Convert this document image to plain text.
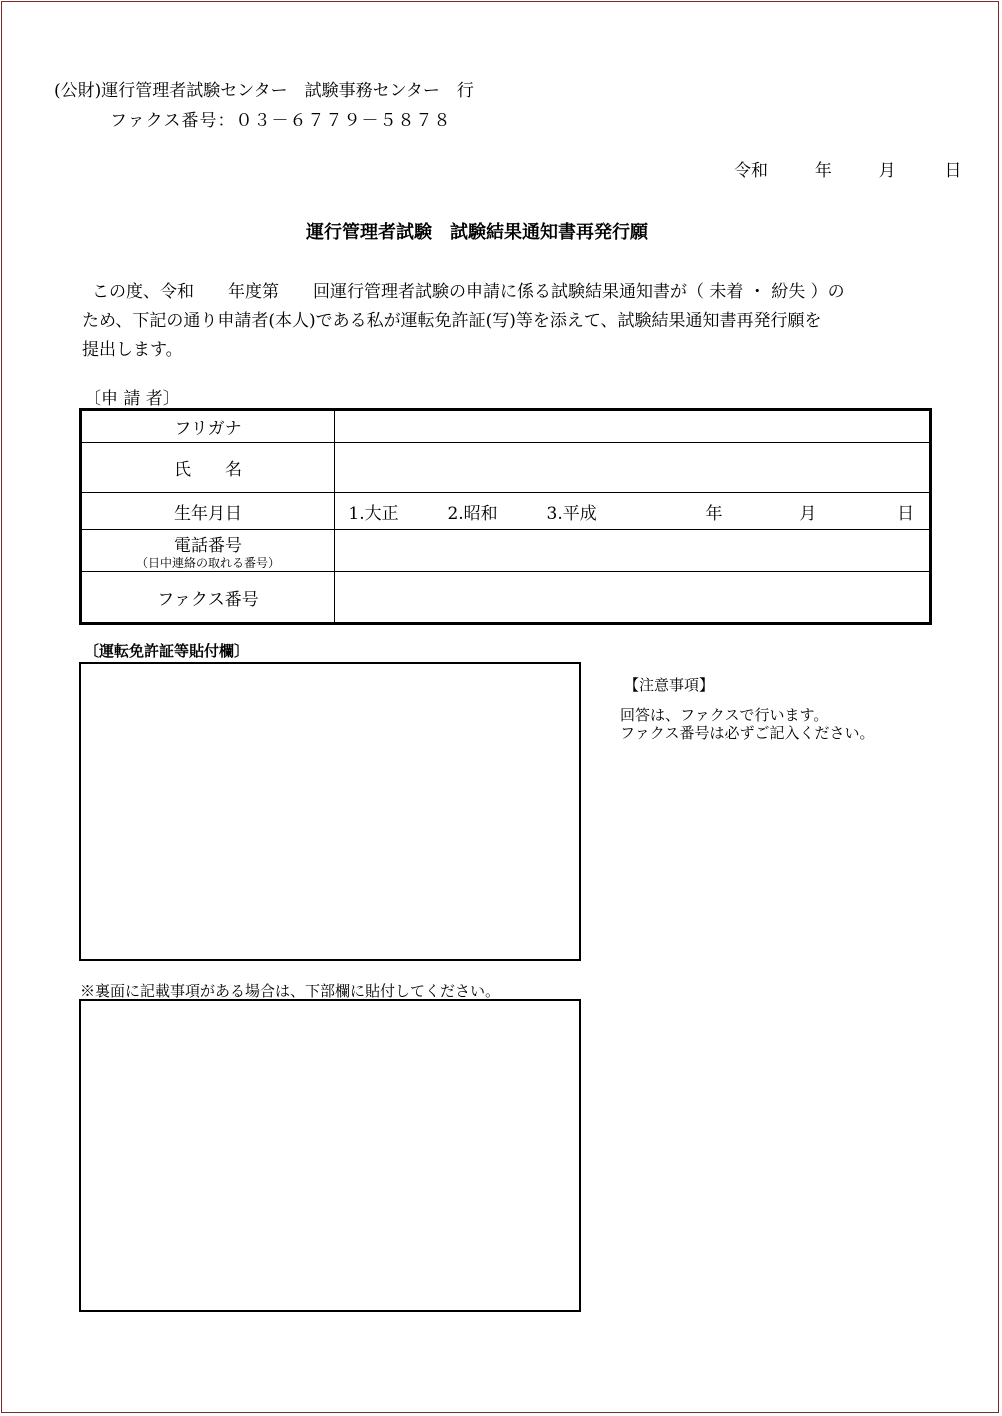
(公財)運行管理者試験センター　試験事務センター　行
ファクス番号：０３－６７７９－５８７８
令和	年	月	日
運行管理者試験　試験結果通知書再発行願

この度、令和　　年度第　　回運行管理者試験の申請に係る試験結果通知書が（ 未着 ・ 紛失 ）の

ため、下記の通り申請者(本人)である私が運転免許証(写)等を添えて、試験結果通知書再発行願を

提出します。

〔申 請 者〕
フリガナ	
氏　　名	
生年月日	1.大正 2.昭和 3.平成 年 月 日
電話番号
（日中連絡の取れる番号）	

ファクス番号	
〔運転免許証等貼付欄〕
【注意事項】
回答は、ファクスで行います。
ファクス番号は必ずご記入ください。
※裏面に記載事項がある場合は、下部欄に貼付してください。
